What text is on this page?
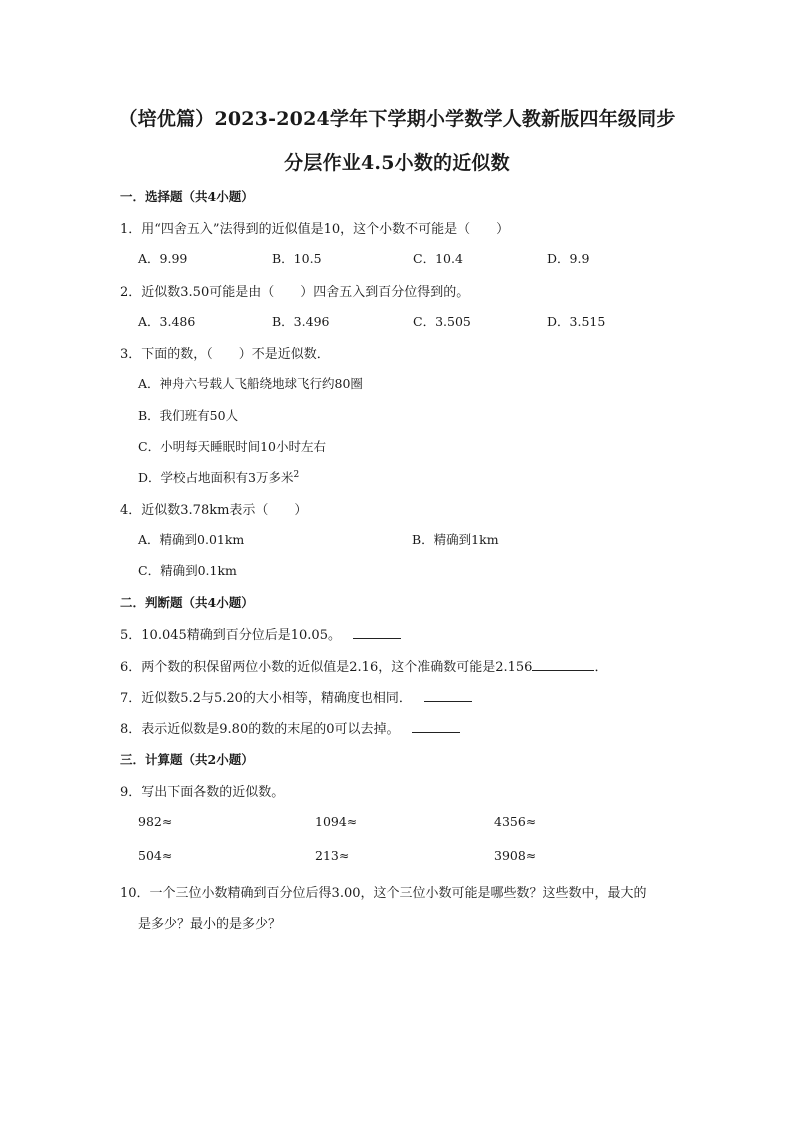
（培优篇）2023-2024学年下学期小学数学人教新版四年级同步
分层作业4.5小数的近似数
一．选择题（共4小题）
1．用“四舍五入”法得到的近似值是10，这个小数不可能是（　　）
A．9.99	B．10.5	C．10.4	D．9.9
2．近似数3.50可能是由（　　）四舍五入到百分位得到的。
A．3.486	B．3.496	C．3.505	D．3.515
3．下面的数，（　　）不是近似数．
A．神舟六号载人飞船绕地球飞行约80圈
B．我们班有50人
C．小明每天睡眠时间10小时左右
D．学校占地面积有3万多米$^2$
4．近似数3.78km表示（　　）
A．精确到0.01km	B．精确到1km
C．精确到0.1km
二．判断题（共4小题）
5．10.045精确到百分位后是10.05。
6．两个数的积保留两位小数的近似值是2.16，这个准确数可能是2.156	．
7．近似数5.2与5.20的大小相等，精确度也相同．
8．表示近似数是9.80的数的末尾的0可以去掉。
三．计算题（共2小题）
9．写出下面各数的近似数。
982≈	1094≈	4356≈
504≈	213≈	3908≈
10．一个三位小数精确到百分位后得3.00，这个三位小数可能是哪些数？这些数中，最大的
是多少？最小的是多少？
